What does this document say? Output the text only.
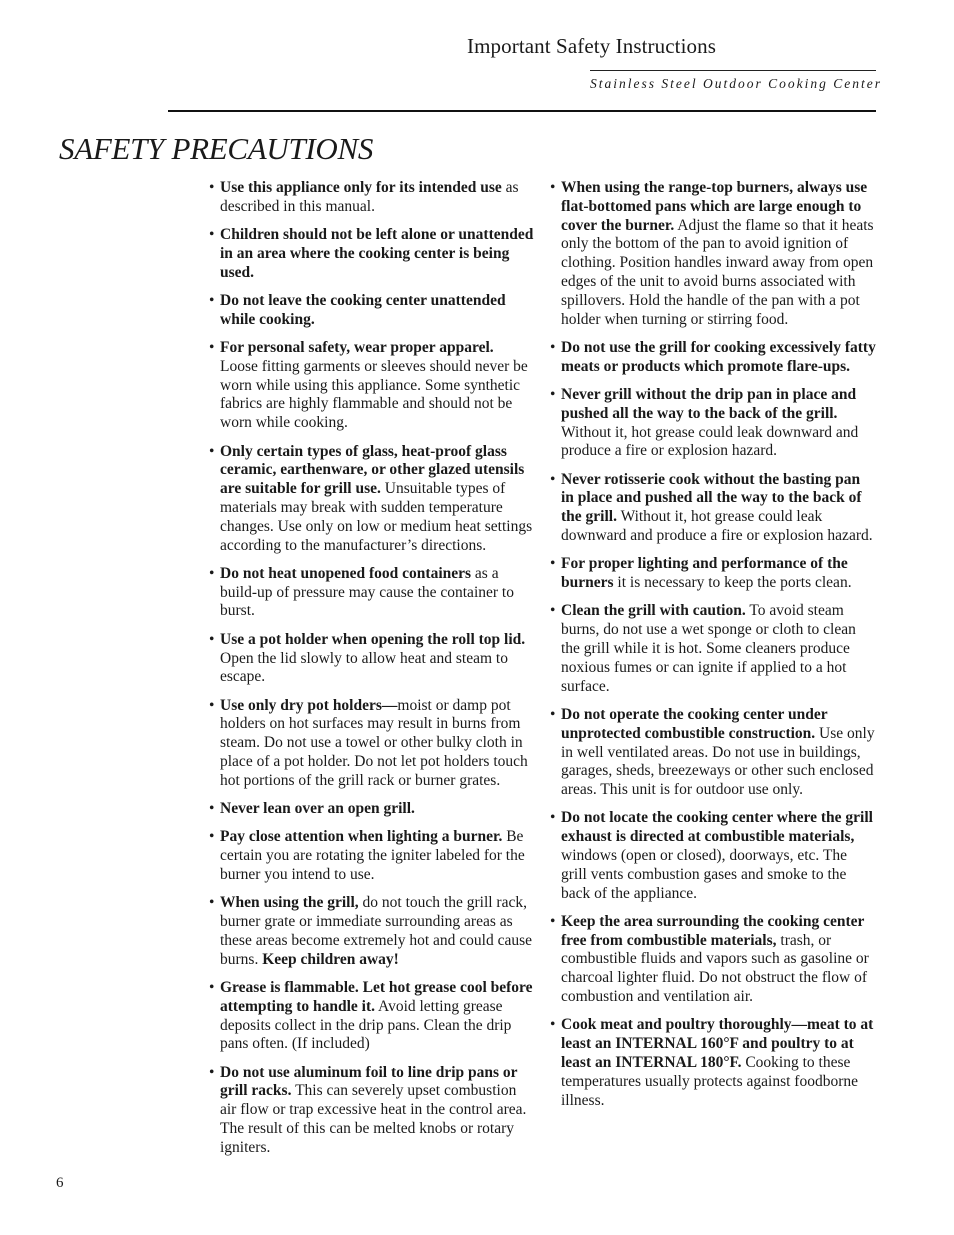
Important Safety Instructions
Stainless Steel Outdoor Cooking Center
SAFETY PRECAUTIONS
• Use this appliance only for its intended use as described in this manual.
• Children should not be left alone or unattended in an area where the cooking center is being used.
• Do not leave the cooking center unattended while cooking.
• For personal safety, wear proper apparel. Loose fitting garments or sleeves should never be worn while using this appliance. Some synthetic fabrics are highly flammable and should not be worn while cooking.
• Only certain types of glass, heat-proof glass ceramic, earthenware, or other glazed utensils are suitable for grill use. Unsuitable types of materials may break with sudden temperature changes. Use only on low or medium heat settings according to the manufacturer’s directions.
• Do not heat unopened food containers as a build-up of pressure may cause the container to burst.
• Use a pot holder when opening the roll top lid. Open the lid slowly to allow heat and steam to escape.
• Use only dry pot holders—moist or damp pot holders on hot surfaces may result in burns from steam. Do not use a towel or other bulky cloth in place of a pot holder. Do not let pot holders touch hot portions of the grill rack or burner grates.
• Never lean over an open grill.
• Pay close attention when lighting a burner. Be certain you are rotating the igniter labeled for the burner you intend to use.
• When using the grill, do not touch the grill rack, burner grate or immediate surrounding areas as these areas become extremely hot and could cause burns. Keep children away!
• Grease is flammable. Let hot grease cool before attempting to handle it. Avoid letting grease deposits collect in the drip pans. Clean the drip pans often. (If included)
• Do not use aluminum foil to line drip pans or grill racks. This can severely upset combustion air flow or trap excessive heat in the control area. The result of this can be melted knobs or rotary igniters.
• When using the range-top burners, always use flat-bottomed pans which are large enough to cover the burner. Adjust the flame so that it heats only the bottom of the pan to avoid ignition of clothing. Position handles inward away from open edges of the unit to avoid burns associated with spillovers. Hold the handle of the pan with a pot holder when turning or stirring food.
• Do not use the grill for cooking excessively fatty meats or products which promote flare-ups.
• Never grill without the drip pan in place and pushed all the way to the back of the grill. Without it, hot grease could leak downward and produce a fire or explosion hazard.
• Never rotisserie cook without the basting pan in place and pushed all the way to the back of the grill. Without it, hot grease could leak downward and produce a fire or explosion hazard.
• For proper lighting and performance of the burners it is necessary to keep the ports clean.
• Clean the grill with caution. To avoid steam burns, do not use a wet sponge or cloth to clean the grill while it is hot. Some cleaners produce noxious fumes or can ignite if applied to a hot surface.
• Do not operate the cooking center under unprotected combustible construction. Use only in well ventilated areas. Do not use in buildings, garages, sheds, breezeways or other such enclosed areas. This unit is for outdoor use only.
• Do not locate the cooking center where the grill exhaust is directed at combustible materials, windows (open or closed), doorways, etc. The grill vents combustion gases and smoke to the back of the appliance.
• Keep the area surrounding the cooking center free from combustible materials, trash, or combustible fluids and vapors such as gasoline or charcoal lighter fluid. Do not obstruct the flow of combustion and ventilation air.
• Cook meat and poultry thoroughly—meat to at least an INTERNAL 160°F and poultry to at least an INTERNAL 180°F. Cooking to these temperatures usually protects against foodborne illness.
6
